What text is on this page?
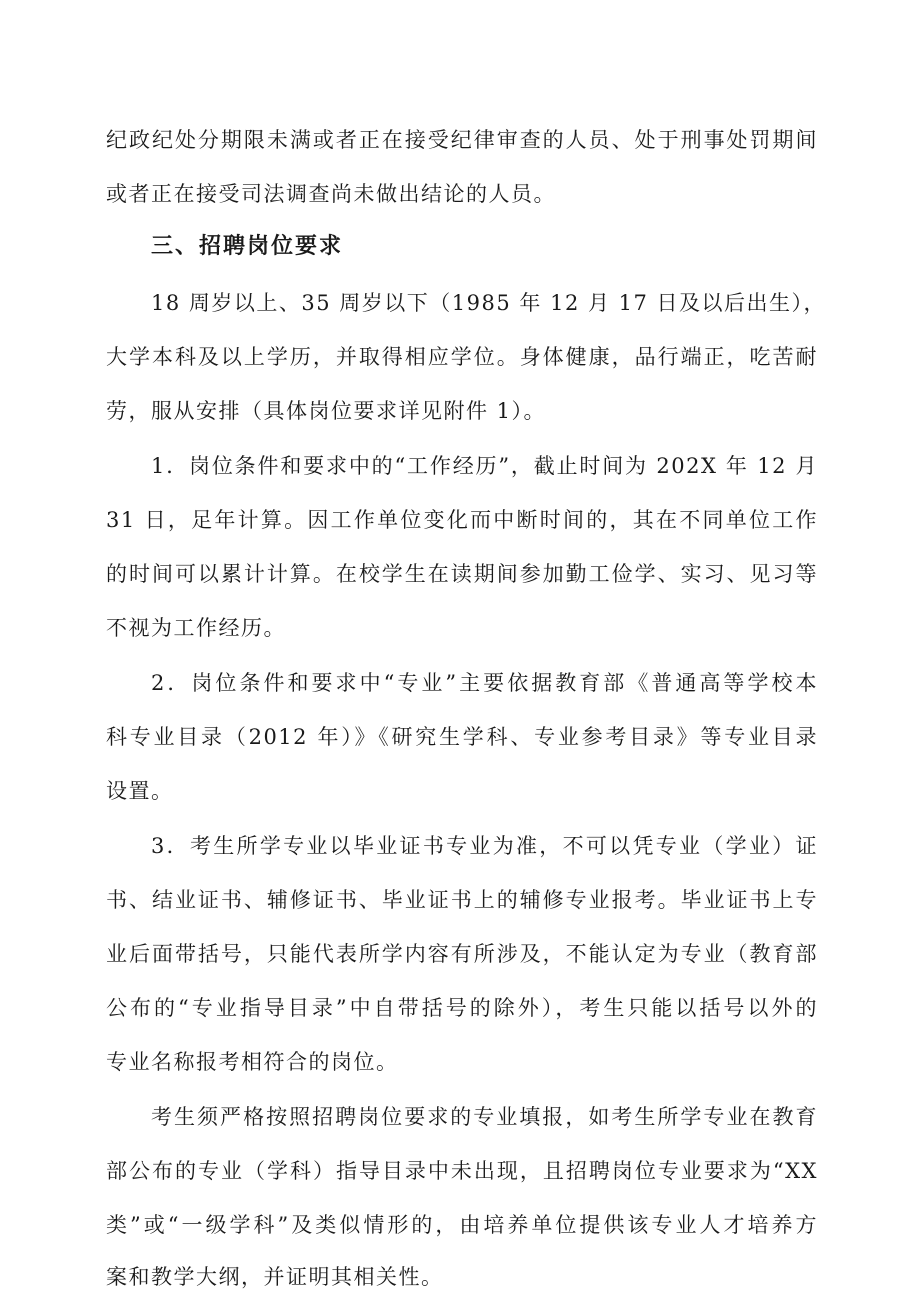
纪政纪处分期限未满或者正在接受纪律审查的人员、处于刑事处罚期间
或者正在接受司法调查尚未做出结论的人员。
三、招聘岗位要求
18 周岁以上、35 周岁以下（1985 年 12 月 17 日及以后出生），
大学本科及以上学历，并取得相应学位。身体健康，品行端正，吃苦耐
劳，服从安排（具体岗位要求详见附件 1）。
1．岗位条件和要求中的“工作经历”，截止时间为 202X 年 12 月
31 日，足年计算。因工作单位变化而中断时间的，其在不同单位工作
的时间可以累计计算。在校学生在读期间参加勤工俭学、实习、见习等
不视为工作经历。
2．岗位条件和要求中“专业”主要依据教育部《普通高等学校本
科专业目录（2012 年）》《研究生学科、专业参考目录》等专业目录
设置。
3．考生所学专业以毕业证书专业为准，不可以凭专业（学业）证
书、结业证书、辅修证书、毕业证书上的辅修专业报考。毕业证书上专
业后面带括号，只能代表所学内容有所涉及，不能认定为专业（教育部
公布的“专业指导目录”中自带括号的除外），考生只能以括号以外的
专业名称报考相符合的岗位。
考生须严格按照招聘岗位要求的专业填报，如考生所学专业在教育
部公布的专业（学科）指导目录中未出现，且招聘岗位专业要求为“XX
类”或“一级学科”及类似情形的，由培养单位提供该专业人才培养方
案和教学大纲，并证明其相关性。
